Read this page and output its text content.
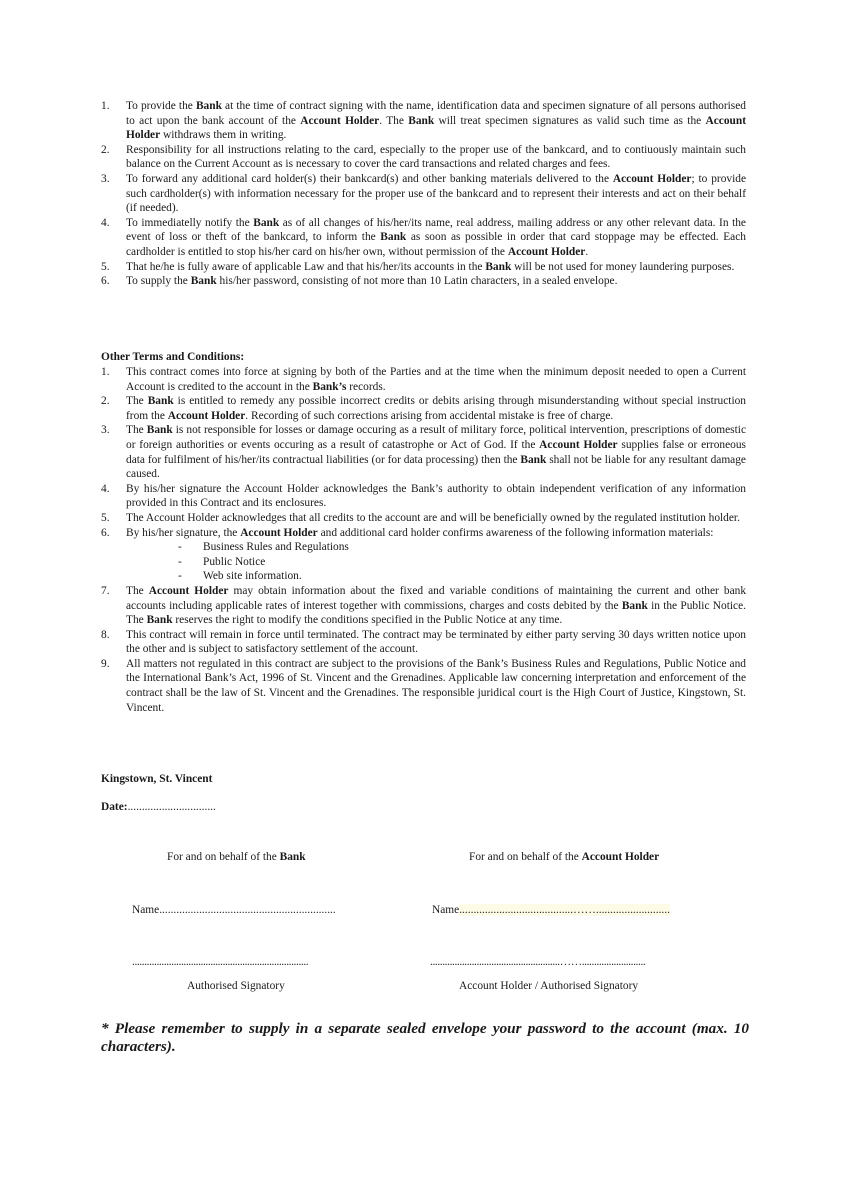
1. To provide the Bank at the time of contract signing with the name, identification data and specimen signature of all persons authorised to act upon the bank account of the Account Holder. The Bank will treat specimen signatures as valid such time as the Account Holder withdraws them in writing.
2. Responsibility for all instructions relating to the card, especially to the proper use of the bankcard, and to contiuously maintain such balance on the Current Account as is necessary to cover the card transactions and related charges and fees.
3. To forward any additional card holder(s) their bankcard(s) and other banking materials delivered to the Account Holder; to provide such cardholder(s) with information necessary for the proper use of the bankcard and to represent their interests and act on their behalf (if needed).
4. To immediatelly notify the Bank as of all changes of his/her/its name, real address, mailing address or any other relevant data. In the event of loss or theft of the bankcard, to inform the Bank as soon as possible in order that card stoppage may be effected. Each cardholder is entitled to stop his/her card on his/her own, without permission of the Account Holder.
5. That he/he is fully aware of applicable Law and that his/her/its accounts in the Bank will be not used for money laundering purposes.
6. To supply the Bank his/her password, consisting of not more than 10 Latin characters, in a sealed envelope.
Other Terms and Conditions:
1. This contract comes into force at signing by both of the Parties and at the time when the minimum deposit needed to open a Current Account is credited to the account in the Bank’s records.
2. The Bank is entitled to remedy any possible incorrect credits or debits arising through misunderstanding without special instruction from the Account Holder. Recording of such corrections arising from accidental mistake is free of charge.
3. The Bank is not responsible for losses or damage occuring as a result of military force, political intervention, prescriptions of domestic or foreign authorities or events occuring as a result of catastrophe or Act of God. If the Account Holder supplies false or erroneous data for fulfilment of his/her/its contractual liabilities (or for data processing) then the Bank shall not be liable for any resultant damage caused.
4. By his/her signature the Account Holder acknowledges the Bank’s authority to obtain independent verification of any information provided in this Contract and its enclosures.
5. The Account Holder acknowledges that all credits to the account are and will be beneficially owned by the regulated institution holder.
6. By his/her signature, the Account Holder and additional card holder confirms awareness of the following information materials:
- Business Rules and Regulations
- Public Notice
- Web site information.
7. The Account Holder may obtain information about the fixed and variable conditions of maintaining the current and other bank accounts including applicable rates of interest together with commissions, charges and costs debited by the Bank in the Public Notice. The Bank reserves the right to modify the conditions specified in the Public Notice at any time.
8. This contract will remain in force until terminated. The contract may be terminated by either party serving 30 days written notice upon the other and is subject to satisfactory settlement of the account.
9. All matters not regulated in this contract are subject to the provisions of the Bank’s Business Rules and Regulations, Public Notice and the International Bank’s Act, 1996 of St. Vincent and the Grenadines. Applicable law concerning interpretation and enforcement of the contract shall be the law of St. Vincent and the Grenadines. The responsible juridical court is the High Court of Justice, Kingstown, St. Vincent.
Kingstown, St. Vincent
Date:...............................
For and on behalf of the Bank	For and on behalf of the Account Holder
Name..............................................................	Name........................................……..........................
........................................................................	.....................................................……..........................
Authorised Signatory	Account Holder / Authorised Signatory
* Please remember to supply in a separate sealed envelope your password to the account (max. 10 characters).
